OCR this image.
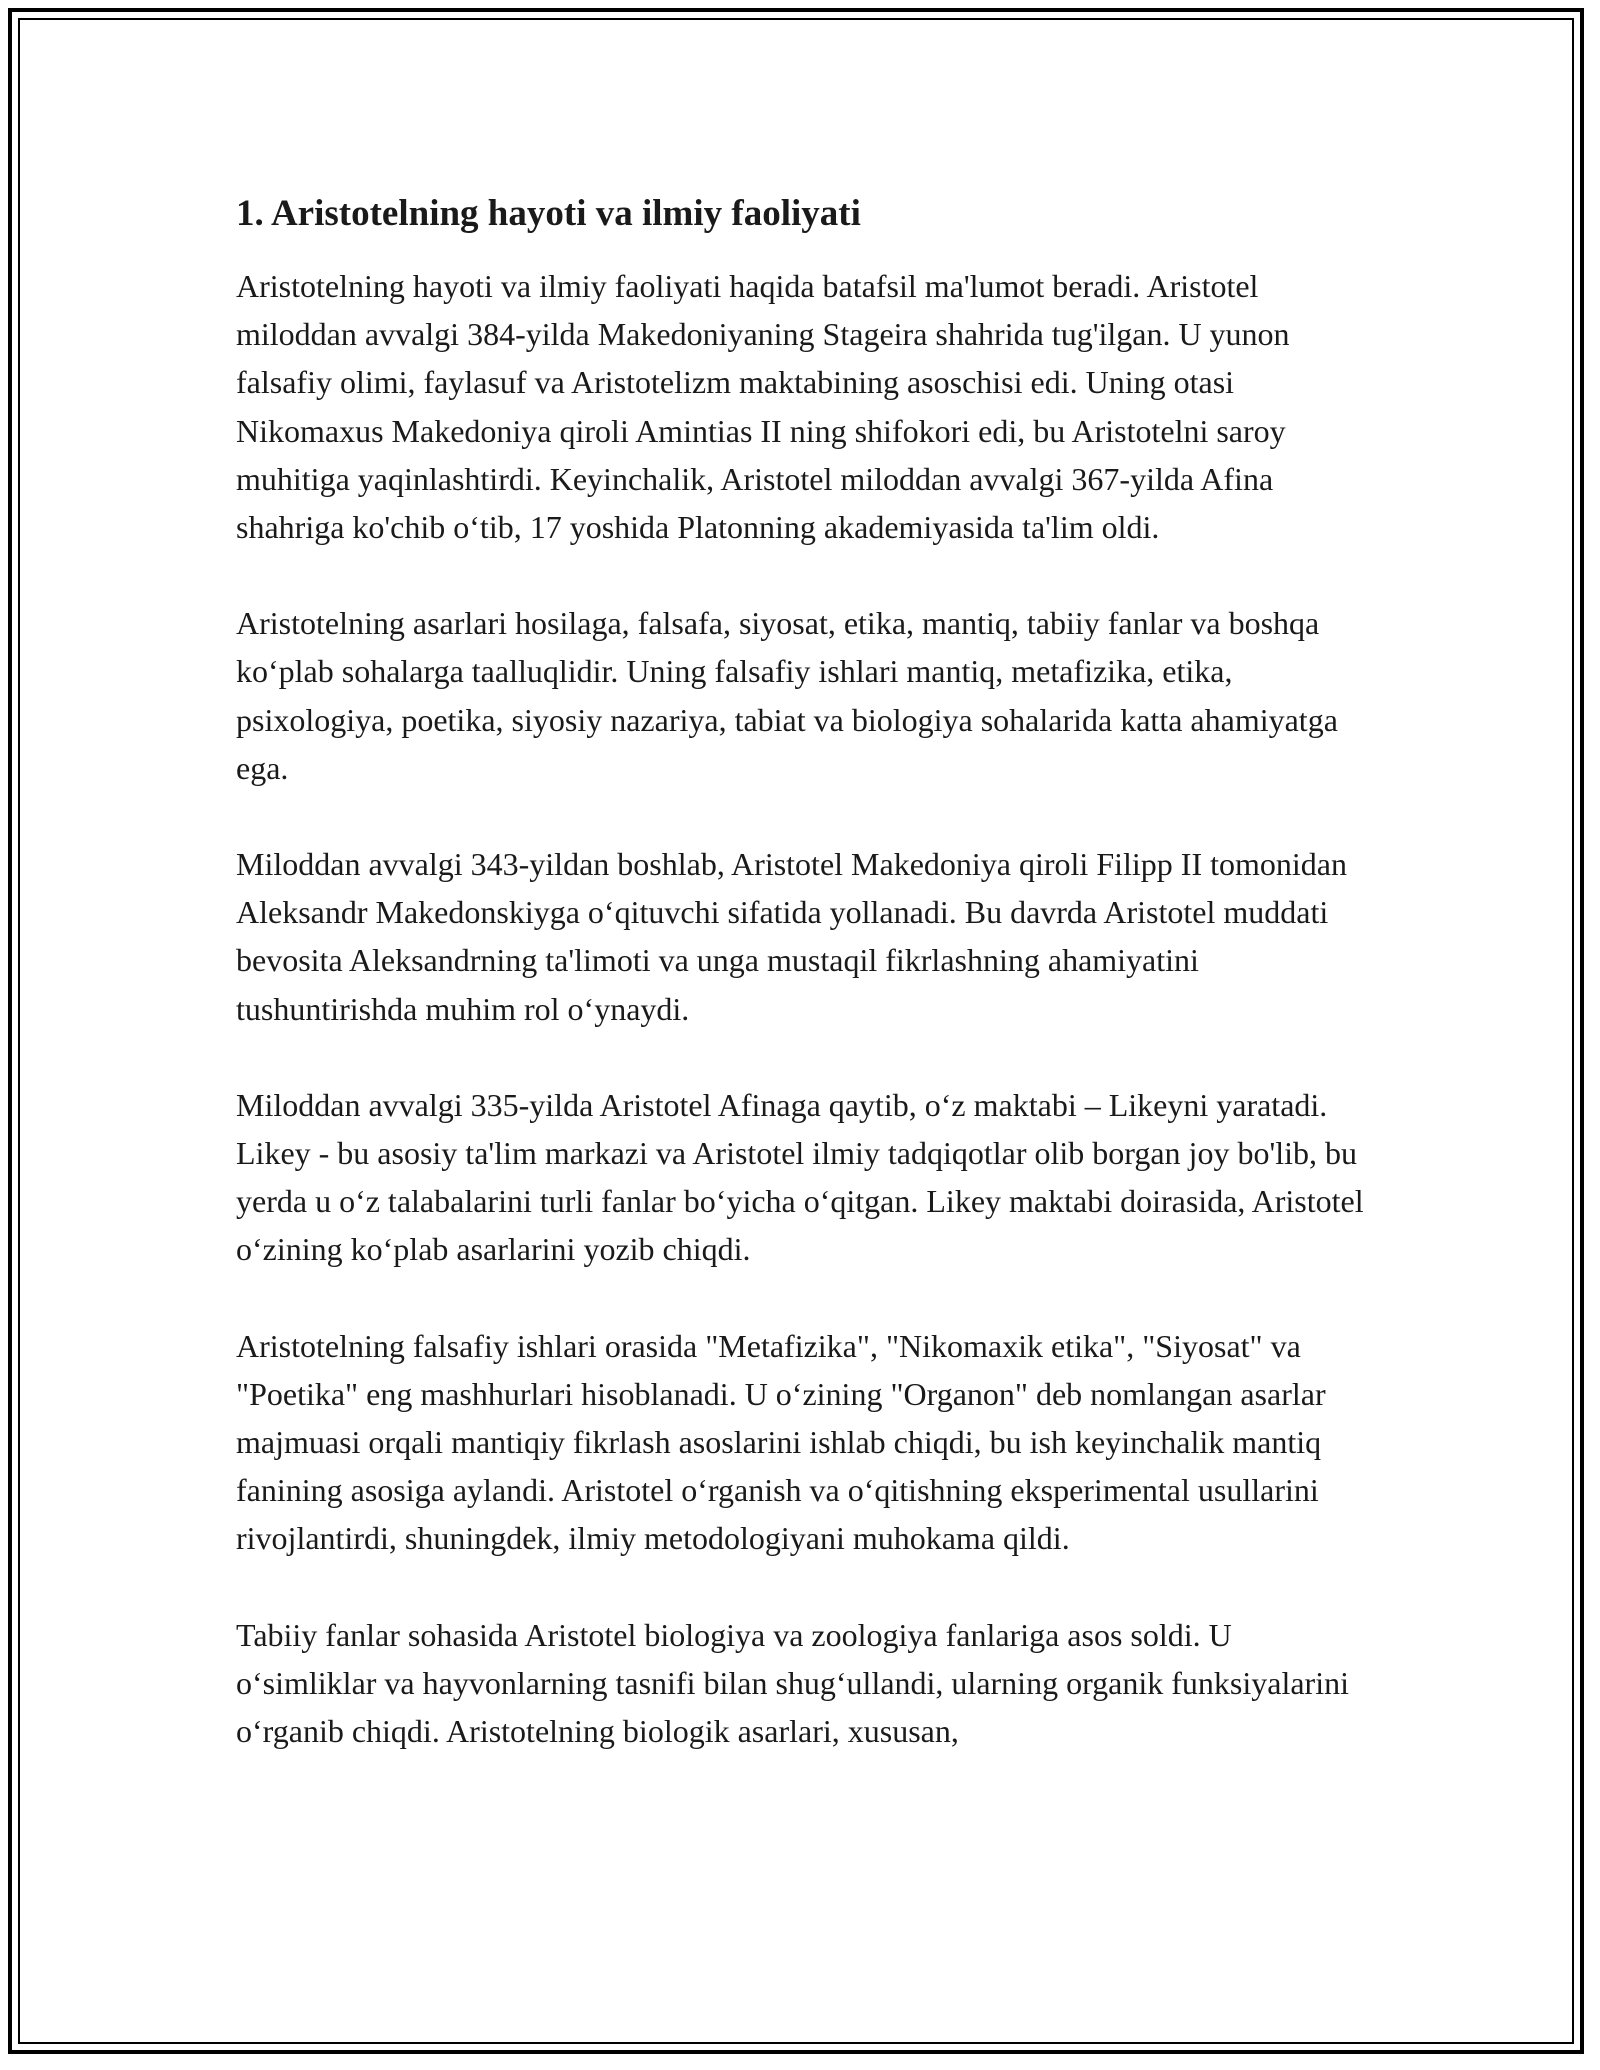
1. Aristotelning hayoti va ilmiy faoliyati

Aristotelning hayoti va ilmiy faoliyati haqida batafsil ma'lumot beradi. Aristotel miloddan avvalgi 384-yilda Makedoniyaning Stageira shahrida tug'ilgan. U yunon falsafiy olimi, faylasuf va Aristotelizm maktabining asoschisi edi. Uning otasi Nikomaxus Makedoniya qiroli Amintias II ning shifokori edi, bu Aristotelni saroy muhitiga yaqinlashtirdi. Keyinchalik, Aristotel miloddan avvalgi 367-yilda Afina shahriga ko'chib o‘tib, 17 yoshida Platonning akademiyasida ta'lim oldi.

Aristotelning asarlari hosilaga, falsafa, siyosat, etika, mantiq, tabiiy fanlar va boshqa ko‘plab sohalarga taalluqlidir. Uning falsafiy ishlari mantiq, metafizika, etika, psixologiya, poetika, siyosiy nazariya, tabiat va biologiya sohalarida katta ahamiyatga ega.

Miloddan avvalgi 343-yildan boshlab, Aristotel Makedoniya qiroli Filipp II tomonidan Aleksandr Makedonskiyga o‘qituvchi sifatida yollanadi. Bu davrda Aristotel muddati bevosita Aleksandrning ta'limoti va unga mustaqil fikrlashning ahamiyatini tushuntirishda muhim rol o‘ynaydi.

Miloddan avvalgi 335-yilda Aristotel Afinaga qaytib, o‘z maktabi – Likeyni yaratadi. Likey - bu asosiy ta'lim markazi va Aristotel ilmiy tadqiqotlar olib borgan joy bo'lib, bu yerda u o‘z talabalarini turli fanlar bo‘yicha o‘qitgan. Likey maktabi doirasida, Aristotel o‘zining ko‘plab asarlarini yozib chiqdi.

Aristotelning falsafiy ishlari orasida "Metafizika", "Nikomaxik etika", "Siyosat" va "Poetika" eng mashhurlari hisoblanadi. U o‘zining "Organon" deb nomlangan asarlar majmuasi orqali mantiqiy fikrlash asoslarini ishlab chiqdi, bu ish keyinchalik mantiq fanining asosiga aylandi. Aristotel o‘rganish va o‘qitishning eksperimental usullarini rivojlantirdi, shuningdek, ilmiy metodologiyani muhokama qildi.

Tabiiy fanlar sohasida Aristotel biologiya va zoologiya fanlariga asos soldi. U o‘simliklar va hayvonlarning tasnifi bilan shug‘ullandi, ularning organik funksiyalarini o‘rganib chiqdi. Aristotelning biologik asarlari, xususan,
